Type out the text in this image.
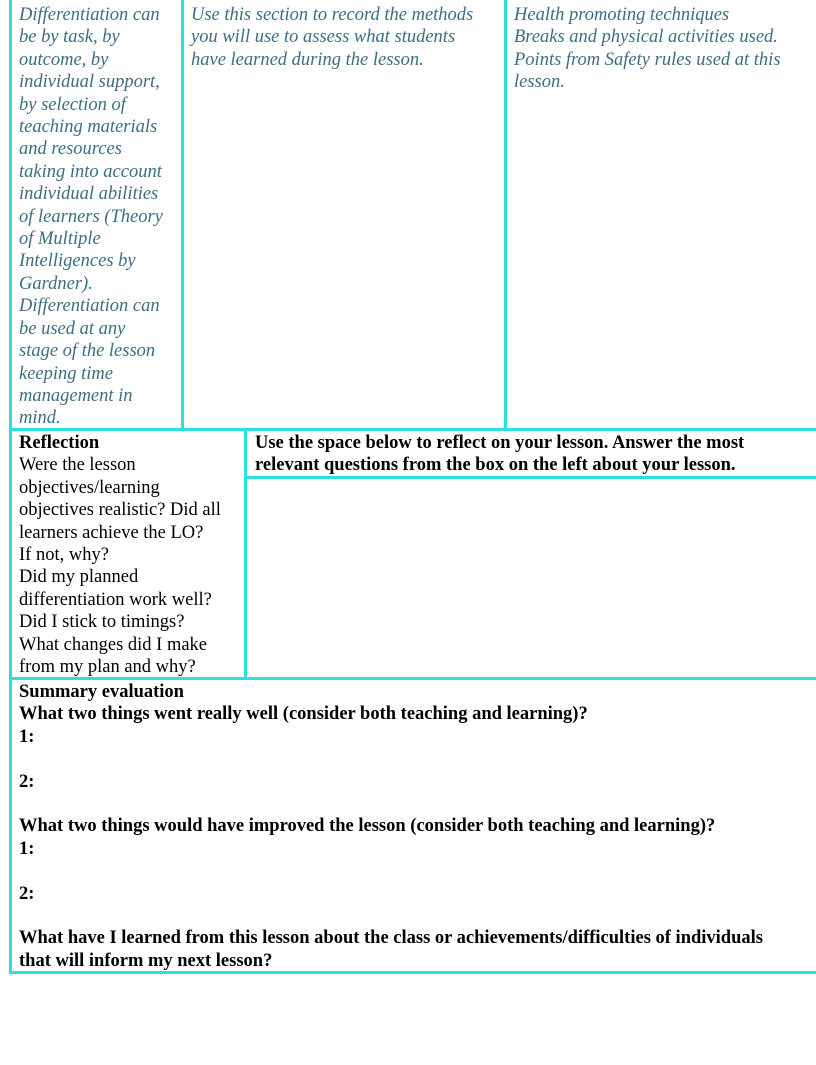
Differentiation can
be by task, by
outcome, by
individual support,
by selection of
teaching materials
and resources
taking into account
individual abilities
of learners (Theory
of Multiple
Intelligences by
Gardner).
Differentiation can
be used at any
stage of the lesson
keeping time
management in
mind.

Use this section to record the methods
you will use to assess what students
have learned during the lesson.

Health promoting techniques
Breaks and physical activities used.
Points from Safety rules used at this
lesson.

Reflection

Were the lesson
objectives/learning
objectives realistic? Did all
learners achieve the LO?
If not, why?
Did my planned
differentiation work well?
Did I stick to timings?
What changes did I make
from my plan and why?

Use the space below to reflect on your lesson. Answer the most
relevant questions from the box on the left about your lesson.

Summary evaluation
What two things went really well (consider both teaching and learning)?
1:
2:
What two things would have improved the lesson (consider both teaching and learning)?
1:
2:

What have I learned from this lesson about the class or achievements/difficulties of individuals
that will inform my next lesson?
